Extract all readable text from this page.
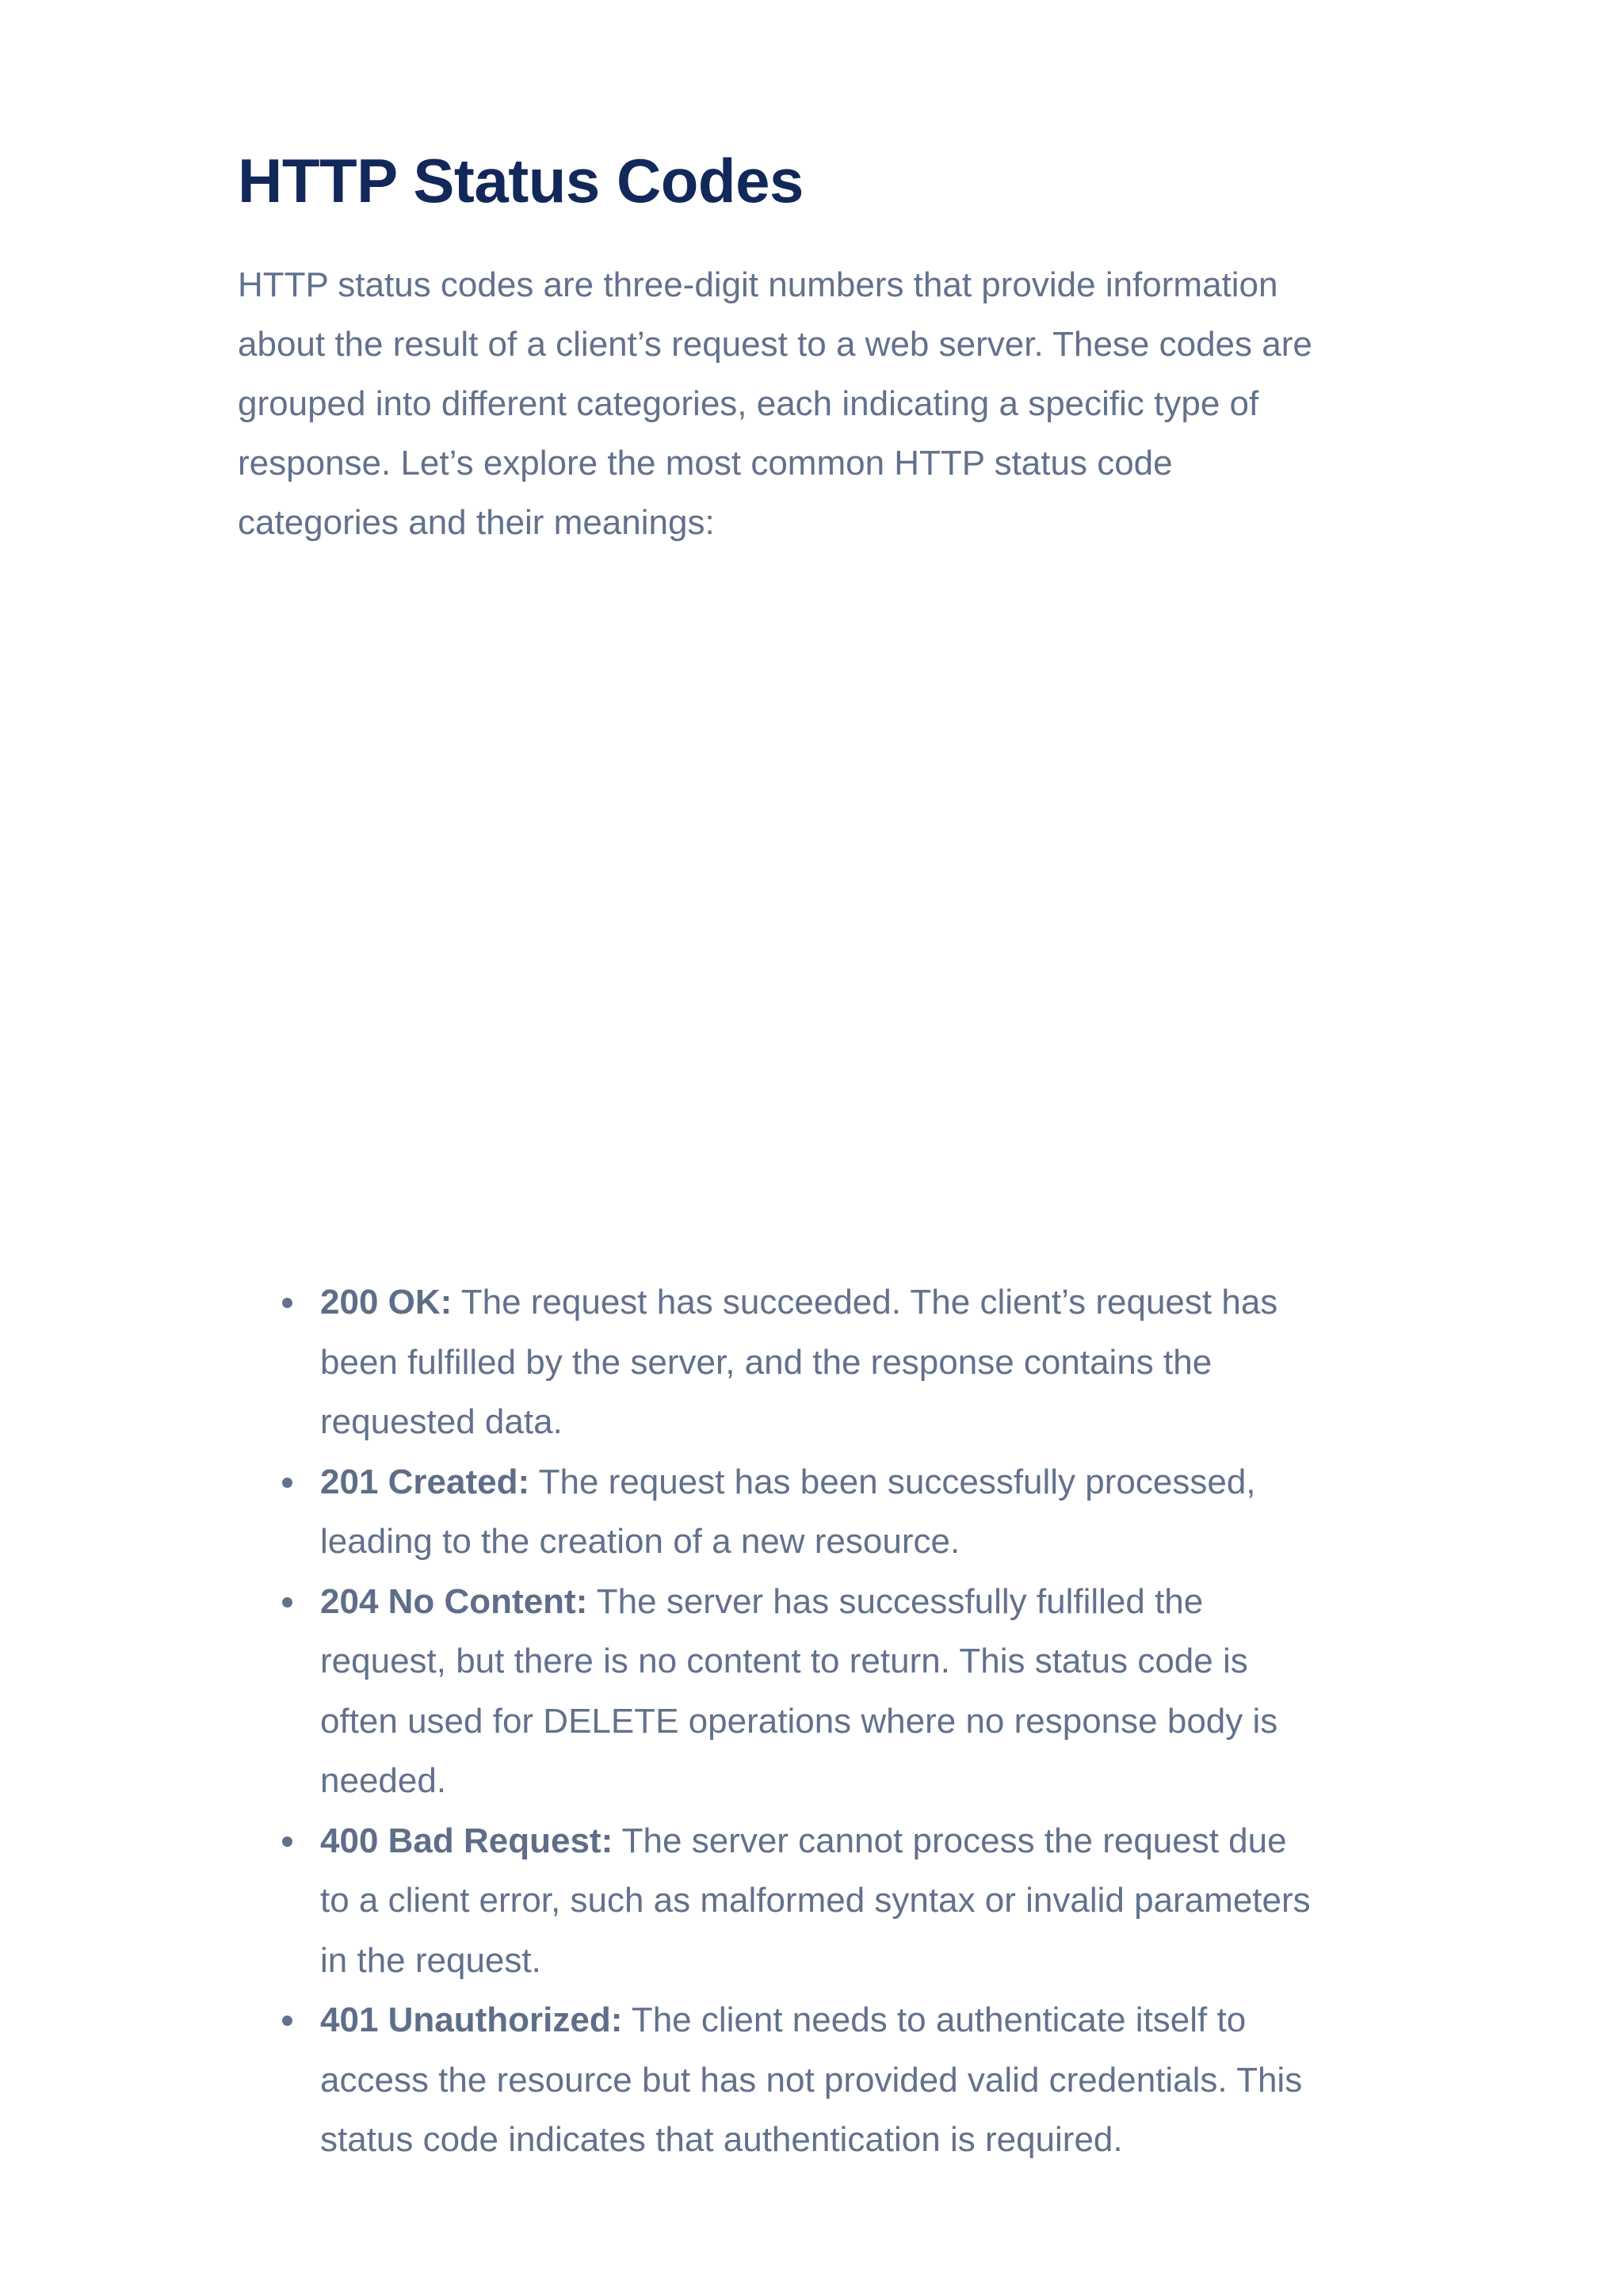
HTTP Status Codes

HTTP status codes are three-digit numbers that provide information
about the result of a client’s request to a web server. These codes are
grouped into different categories, each indicating a specific type of
response. Let’s explore the most common HTTP status code
categories and their meanings:

200 OK: The request has succeeded. The client’s request has
been fulfilled by the server, and the response contains the
requested data.
201 Created: The request has been successfully processed,
leading to the creation of a new resource.
204 No Content: The server has successfully fulfilled the
request, but there is no content to return. This status code is
often used for DELETE operations where no response body is
needed.
400 Bad Request: The server cannot process the request due
to a client error, such as malformed syntax or invalid parameters
in the request.
401 Unauthorized: The client needs to authenticate itself to
access the resource but has not provided valid credentials. This
status code indicates that authentication is required.
